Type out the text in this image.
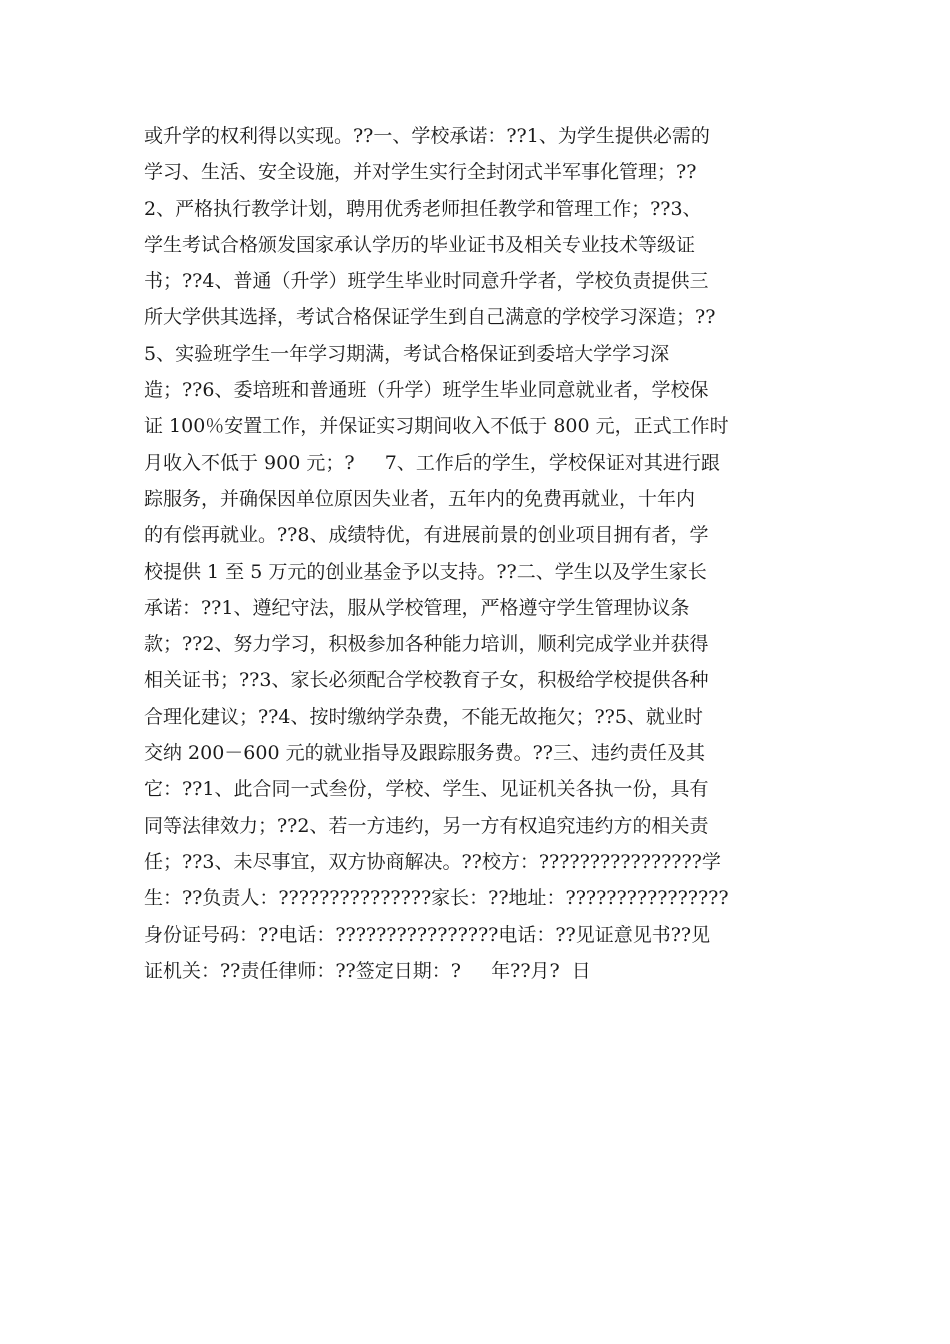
或升学的权利得以实现。??一、学校承诺：??1、为学生提供必需的
学习、生活、安全设施，并对学生实行全封闭式半军事化管理；??
2、严格执行教学计划，聘用优秀老师担任教学和管理工作；??3、
学生考试合格颁发国家承认学历的毕业证书及相关专业技术等级证
书；??4、普通（升学）班学生毕业时同意升学者，学校负责提供三
所大学供其选择，考试合格保证学生到自己满意的学校学习深造；??
5、实验班学生一年学习期满，考试合格保证到委培大学学习深
造；??6、委培班和普通班（升学）班学生毕业同意就业者，学校保
证 100％安置工作，并保证实习期间收入不低于 800 元，正式工作时
月收入不低于 900 元；?     7、工作后的学生，学校保证对其进行跟
踪服务，并确保因单位原因失业者，五年内的免费再就业，十年内
的有偿再就业。??8、成绩特优，有进展前景的创业项目拥有者，学
校提供 1 至 5 万元的创业基金予以支持。??二、学生以及学生家长
承诺：??1、遵纪守法，服从学校管理，严格遵守学生管理协议条
款；??2、努力学习，积极参加各种能力培训，顺利完成学业并获得
相关证书；??3、家长必须配合学校教育子女，积极给学校提供各种
合理化建议；??4、按时缴纳学杂费，不能无故拖欠；??5、就业时
交纳 200－600 元的就业指导及跟踪服务费。??三、违约责任及其
它：??1、此合同一式叁份，学校、学生、见证机关各执一份，具有
同等法律效力；??2、若一方违约，另一方有权追究违约方的相关责
任；??3、未尽事宜，双方协商解决。??校方：????????????????学
生：??负责人：???????????????家长：??地址：????????????????
身份证号码：??电话：????????????????电话：??见证意见书??见
证机关：??责任律师：??签定日期：?     年??月?  日
